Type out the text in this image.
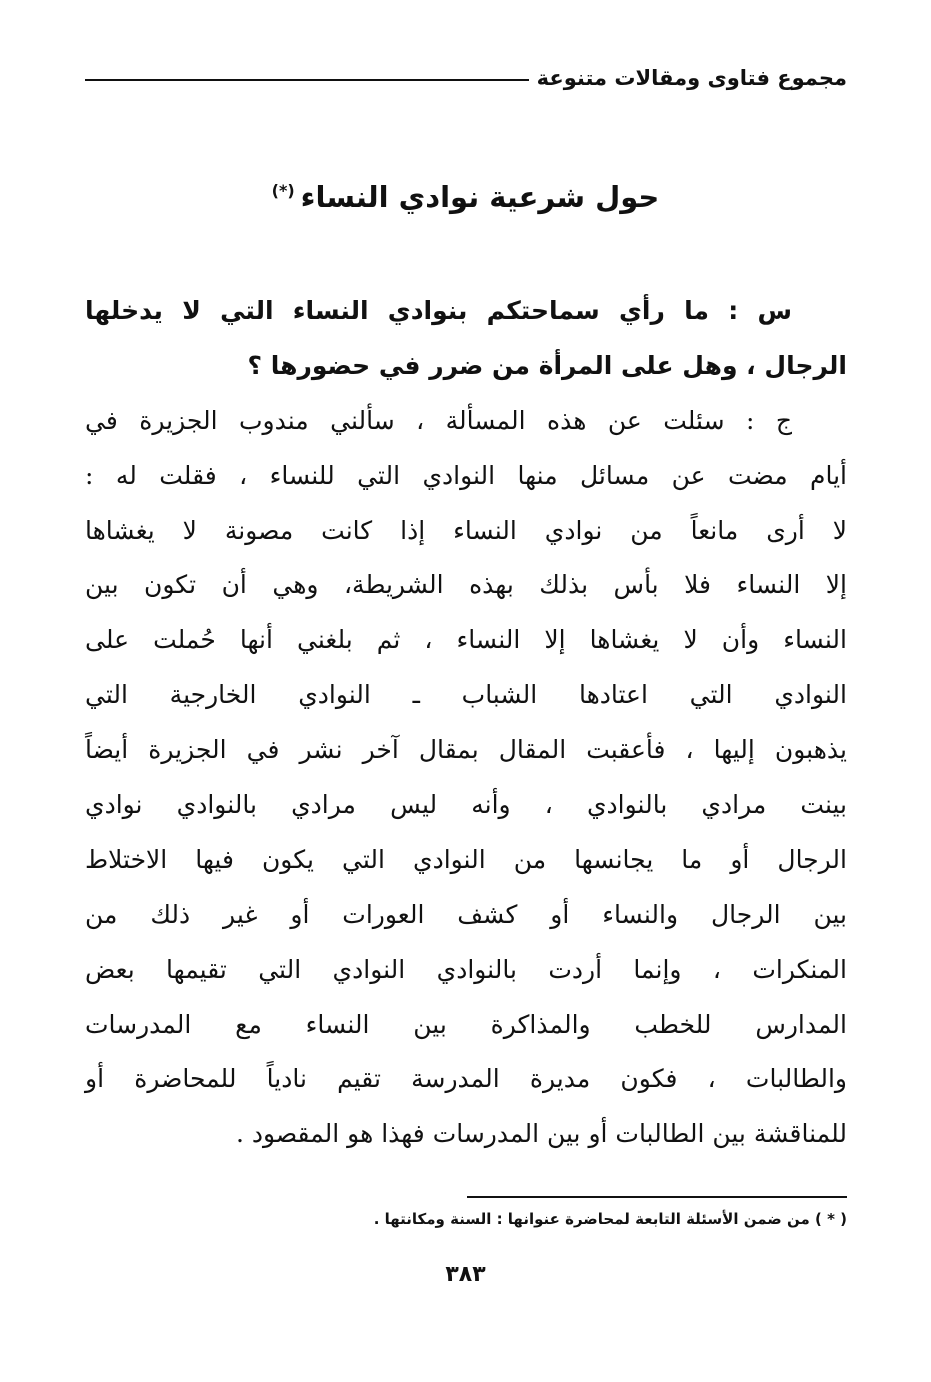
مجموع فتاوى ومقالات متنوعة
حول شرعية نوادي النساء(*)
س : ما رأي سماحتكم بنوادي النساء التي لا يدخلها
الرجال ، وهل على المرأة من ضرر في حضورها ؟
ج : سئلت عن هذه المسألة ، سألني مندوب الجزيرة في
أيام مضت عن مسائل منها النوادي التي للنساء ، فقلت له :
لا أرى مانعاً من نوادي النساء إذا كانت مصونة لا يغشاها
إلا النساء فلا بأس بذلك بهذه الشريطة، وهي أن تكون بين
النساء وأن لا يغشاها إلا النساء ، ثم بلغني أنها حُملت على
النوادي التي اعتادها الشباب ـ النوادي الخارجية التي
يذهبون إليها ، فأعقبت المقال بمقال آخر نشر في الجزيرة أيضاً
بينت مرادي بالنوادي ، وأنه ليس مرادي بالنوادي نوادي
الرجال أو ما يجانسها من النوادي التي يكون فيها الاختلاط
بين الرجال والنساء أو كشف العورات أو غير ذلك من
المنكرات ، وإنما أردت بالنوادي النوادي التي تقيمها بعض
المدارس للخطب والمذاكرة بين النساء مع المدرسات
والطالبات ، فكون مديرة المدرسة تقيم نادياً للمحاضرة أو
للمناقشة بين الطالبات أو بين المدرسات فهذا هو المقصود .
( * ) من ضمن الأسئلة التابعة لمحاضرة عنوانها : السنة ومكانتها .
٣٨٣
